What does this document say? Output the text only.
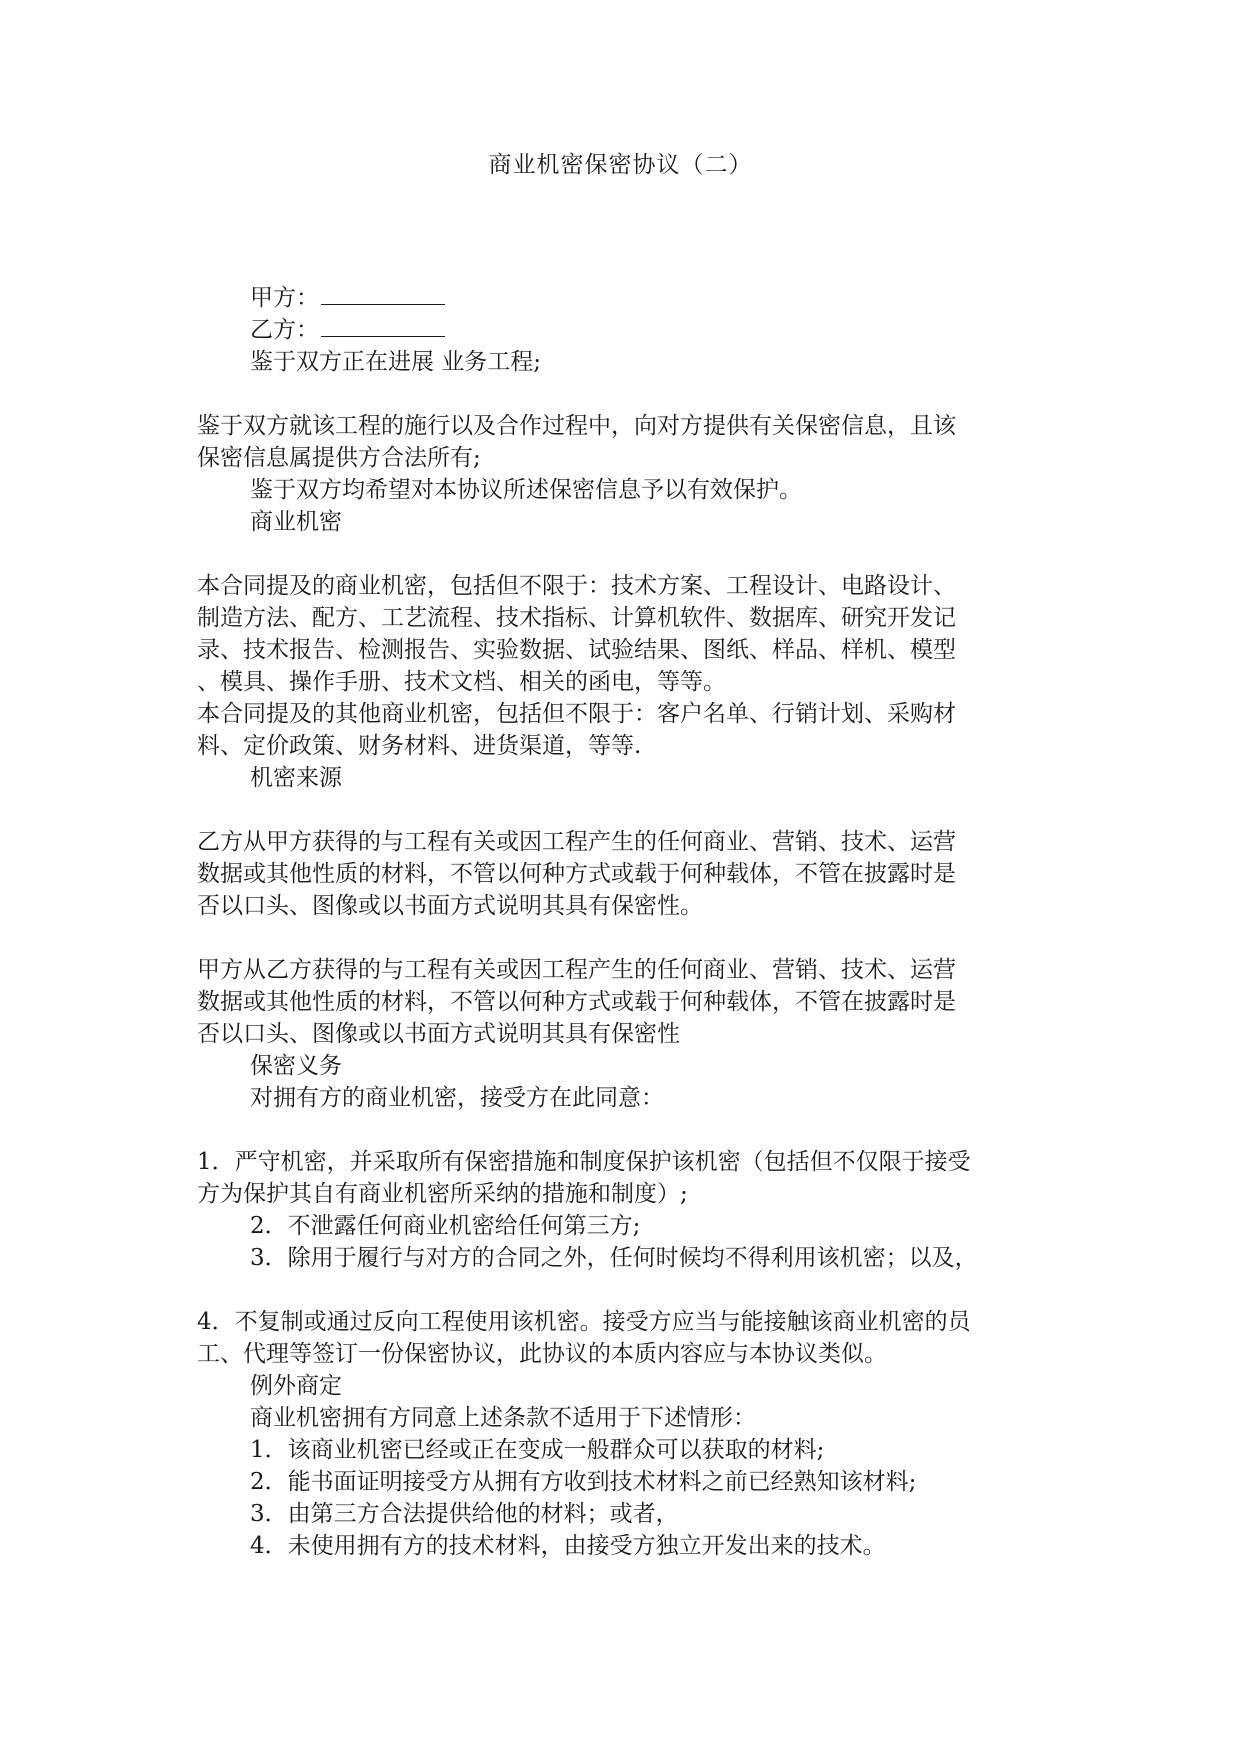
商业机密保密协议（二）
甲方：
乙方：
鉴于双方正在进展 业务工程;
鉴于双方就该工程的施行以及合作过程中，向对方提供有关保密信息，且该
保密信息属提供方合法所有;
鉴于双方均希望对本协议所述保密信息予以有效保护。
商业机密
本合同提及的商业机密，包括但不限于：技术方案、工程设计、电路设计、
制造方法、配方、工艺流程、技术指标、计算机软件、数据库、研究开发记
录、技术报告、检测报告、实验数据、试验结果、图纸、样品、样机、模型
、模具、操作手册、技术文档、相关的函电，等等。
本合同提及的其他商业机密，包括但不限于：客户名单、行销计划、采购材
料、定价政策、财务材料、进货渠道，等等.
机密来源
乙方从甲方获得的与工程有关或因工程产生的任何商业、营销、技术、运营
数据或其他性质的材料，不管以何种方式或载于何种载体，不管在披露时是
否以口头、图像或以书面方式说明其具有保密性。
甲方从乙方获得的与工程有关或因工程产生的任何商业、营销、技术、运营
数据或其他性质的材料，不管以何种方式或载于何种载体，不管在披露时是
否以口头、图像或以书面方式说明其具有保密性
保密义务
对拥有方的商业机密，接受方在此同意：
1．严守机密，并采取所有保密措施和制度保护该机密（包括但不仅限于接受
方为保护其自有商业机密所采纳的措施和制度）;
2．不泄露任何商业机密给任何第三方;
3．除用于履行与对方的合同之外，任何时候均不得利用该机密；以及，
4．不复制或通过反向工程使用该机密。接受方应当与能接触该商业机密的员
工、代理等签订一份保密协议，此协议的本质内容应与本协议类似。
例外商定
商业机密拥有方同意上述条款不适用于下述情形：
1．该商业机密已经或正在变成一般群众可以获取的材料;
2．能书面证明接受方从拥有方收到技术材料之前已经熟知该材料;
3．由第三方合法提供给他的材料；或者，
4．未使用拥有方的技术材料，由接受方独立开发出来的技术。
